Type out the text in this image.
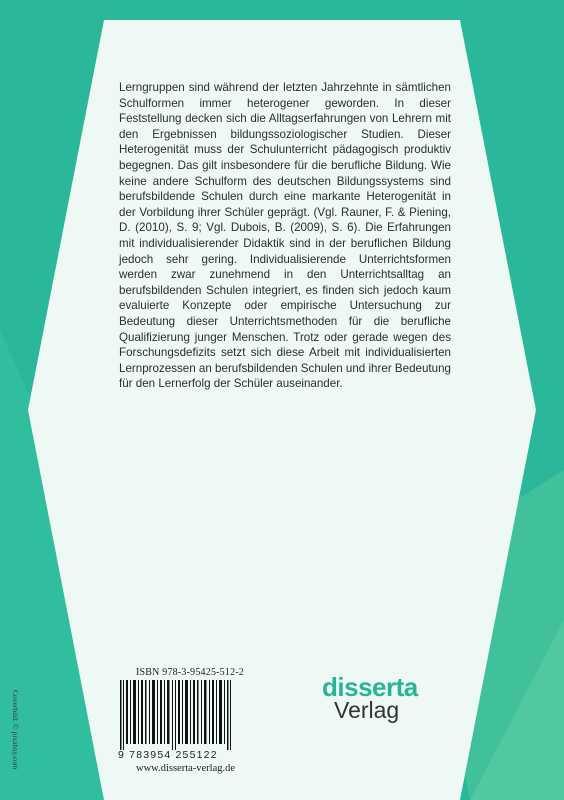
Lerngruppen sind während der letzten Jahrzehnte in sämtlichen Schulformen immer heterogener geworden. In dieser Feststellung decken sich die Alltagserfahrungen von Lehrern mit den Ergebnissen bildungssoziologischer Studien. Dieser Heterogenität muss der Schulunterricht pädagogisch produktiv begegnen. Das gilt insbesondere für die berufliche Bildung. Wie keine andere Schulform des deutschen Bildungssystems sind berufsbildende Schulen durch eine markante Heterogenität in der Vorbildung ihrer Schüler geprägt. (Vgl. Rauner, F. & Piening, D. (2010), S. 9; Vgl. Dubois, B. (2009), S. 6). Die Erfahrungen mit individualisierender Didaktik sind in der beruflichen Bildung jedoch sehr gering. Individualisierende Unterrichtsformen werden zwar zunehmend in den Unterrichtsalltag an berufsbildenden Schulen integriert, es finden sich jedoch kaum evaluierte Konzepte oder empirische Untersuchung zur Bedeutung dieser Unterrichtsmethoden für die berufliche Qualifizierung junger Menschen. Trotz oder gerade wegen des Forschungsdefizits setzt sich diese Arbeit mit individualisierten Lernprozessen an berufsbildenden Schulen und ihrer Bedeutung für den Lernerfolg der Schüler auseinander.

Coverbild: © pixabay.com
ISBN 978-3-95425-512-2
9 783954 255122
www.disserta-verlag.de
disserta
Verlag
